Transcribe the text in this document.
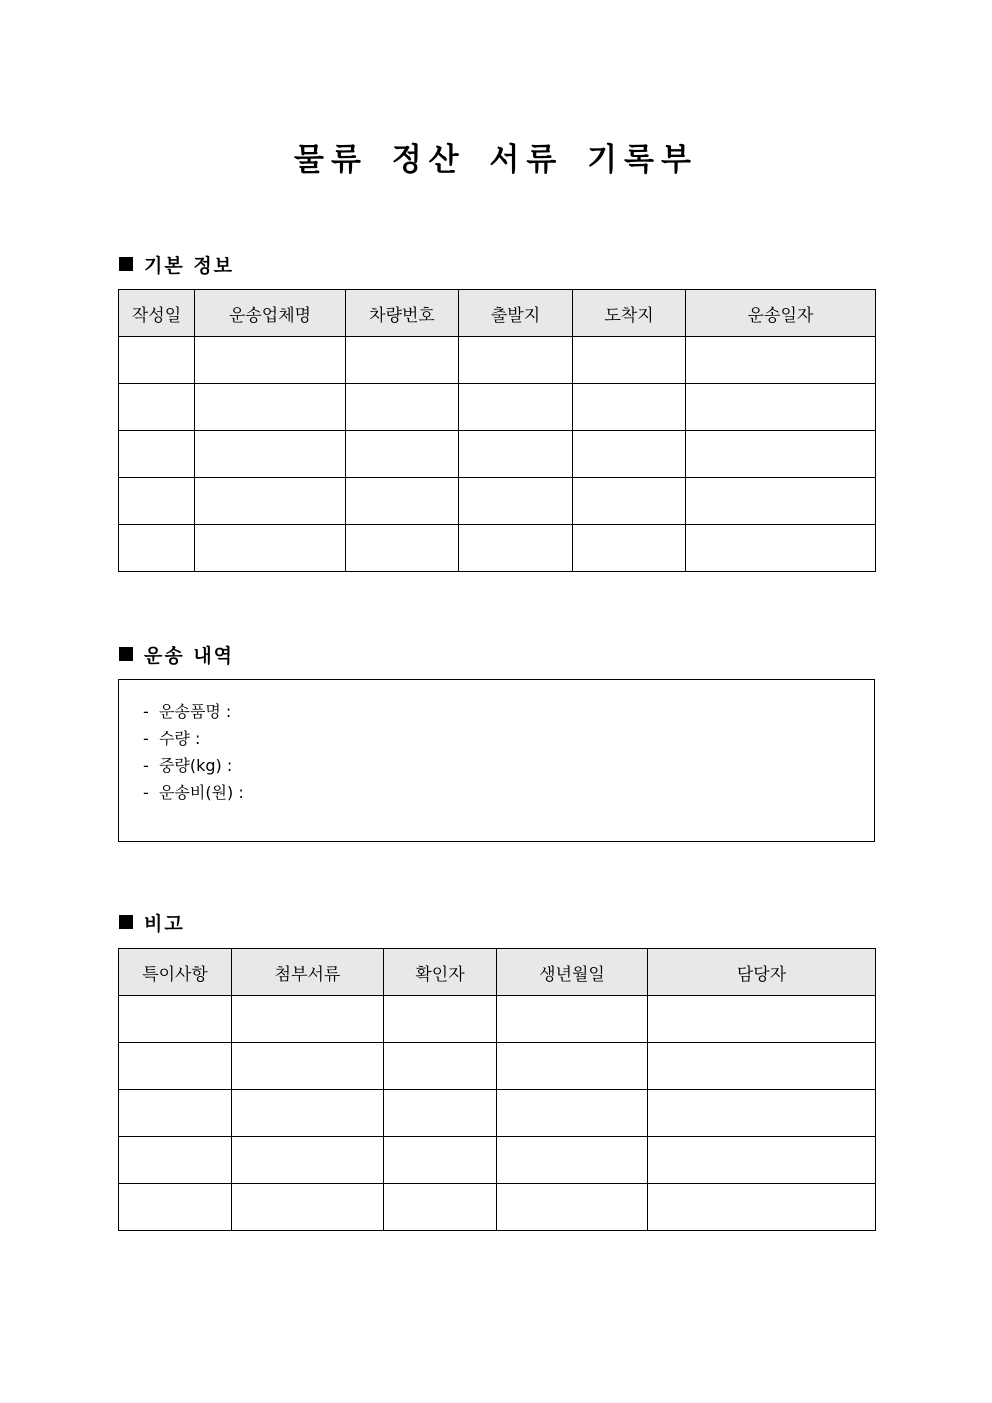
물류 정산 서류 기록부
기본 정보
작성일	운송업체명	차량번호	출발지	도착지	운송일자

운송 내역
-  운송품명 :
-  수량 :
-  중량(kg) :
-  운송비(원) :
비고
특이사항	첨부서류	확인자	생년월일	담당자
